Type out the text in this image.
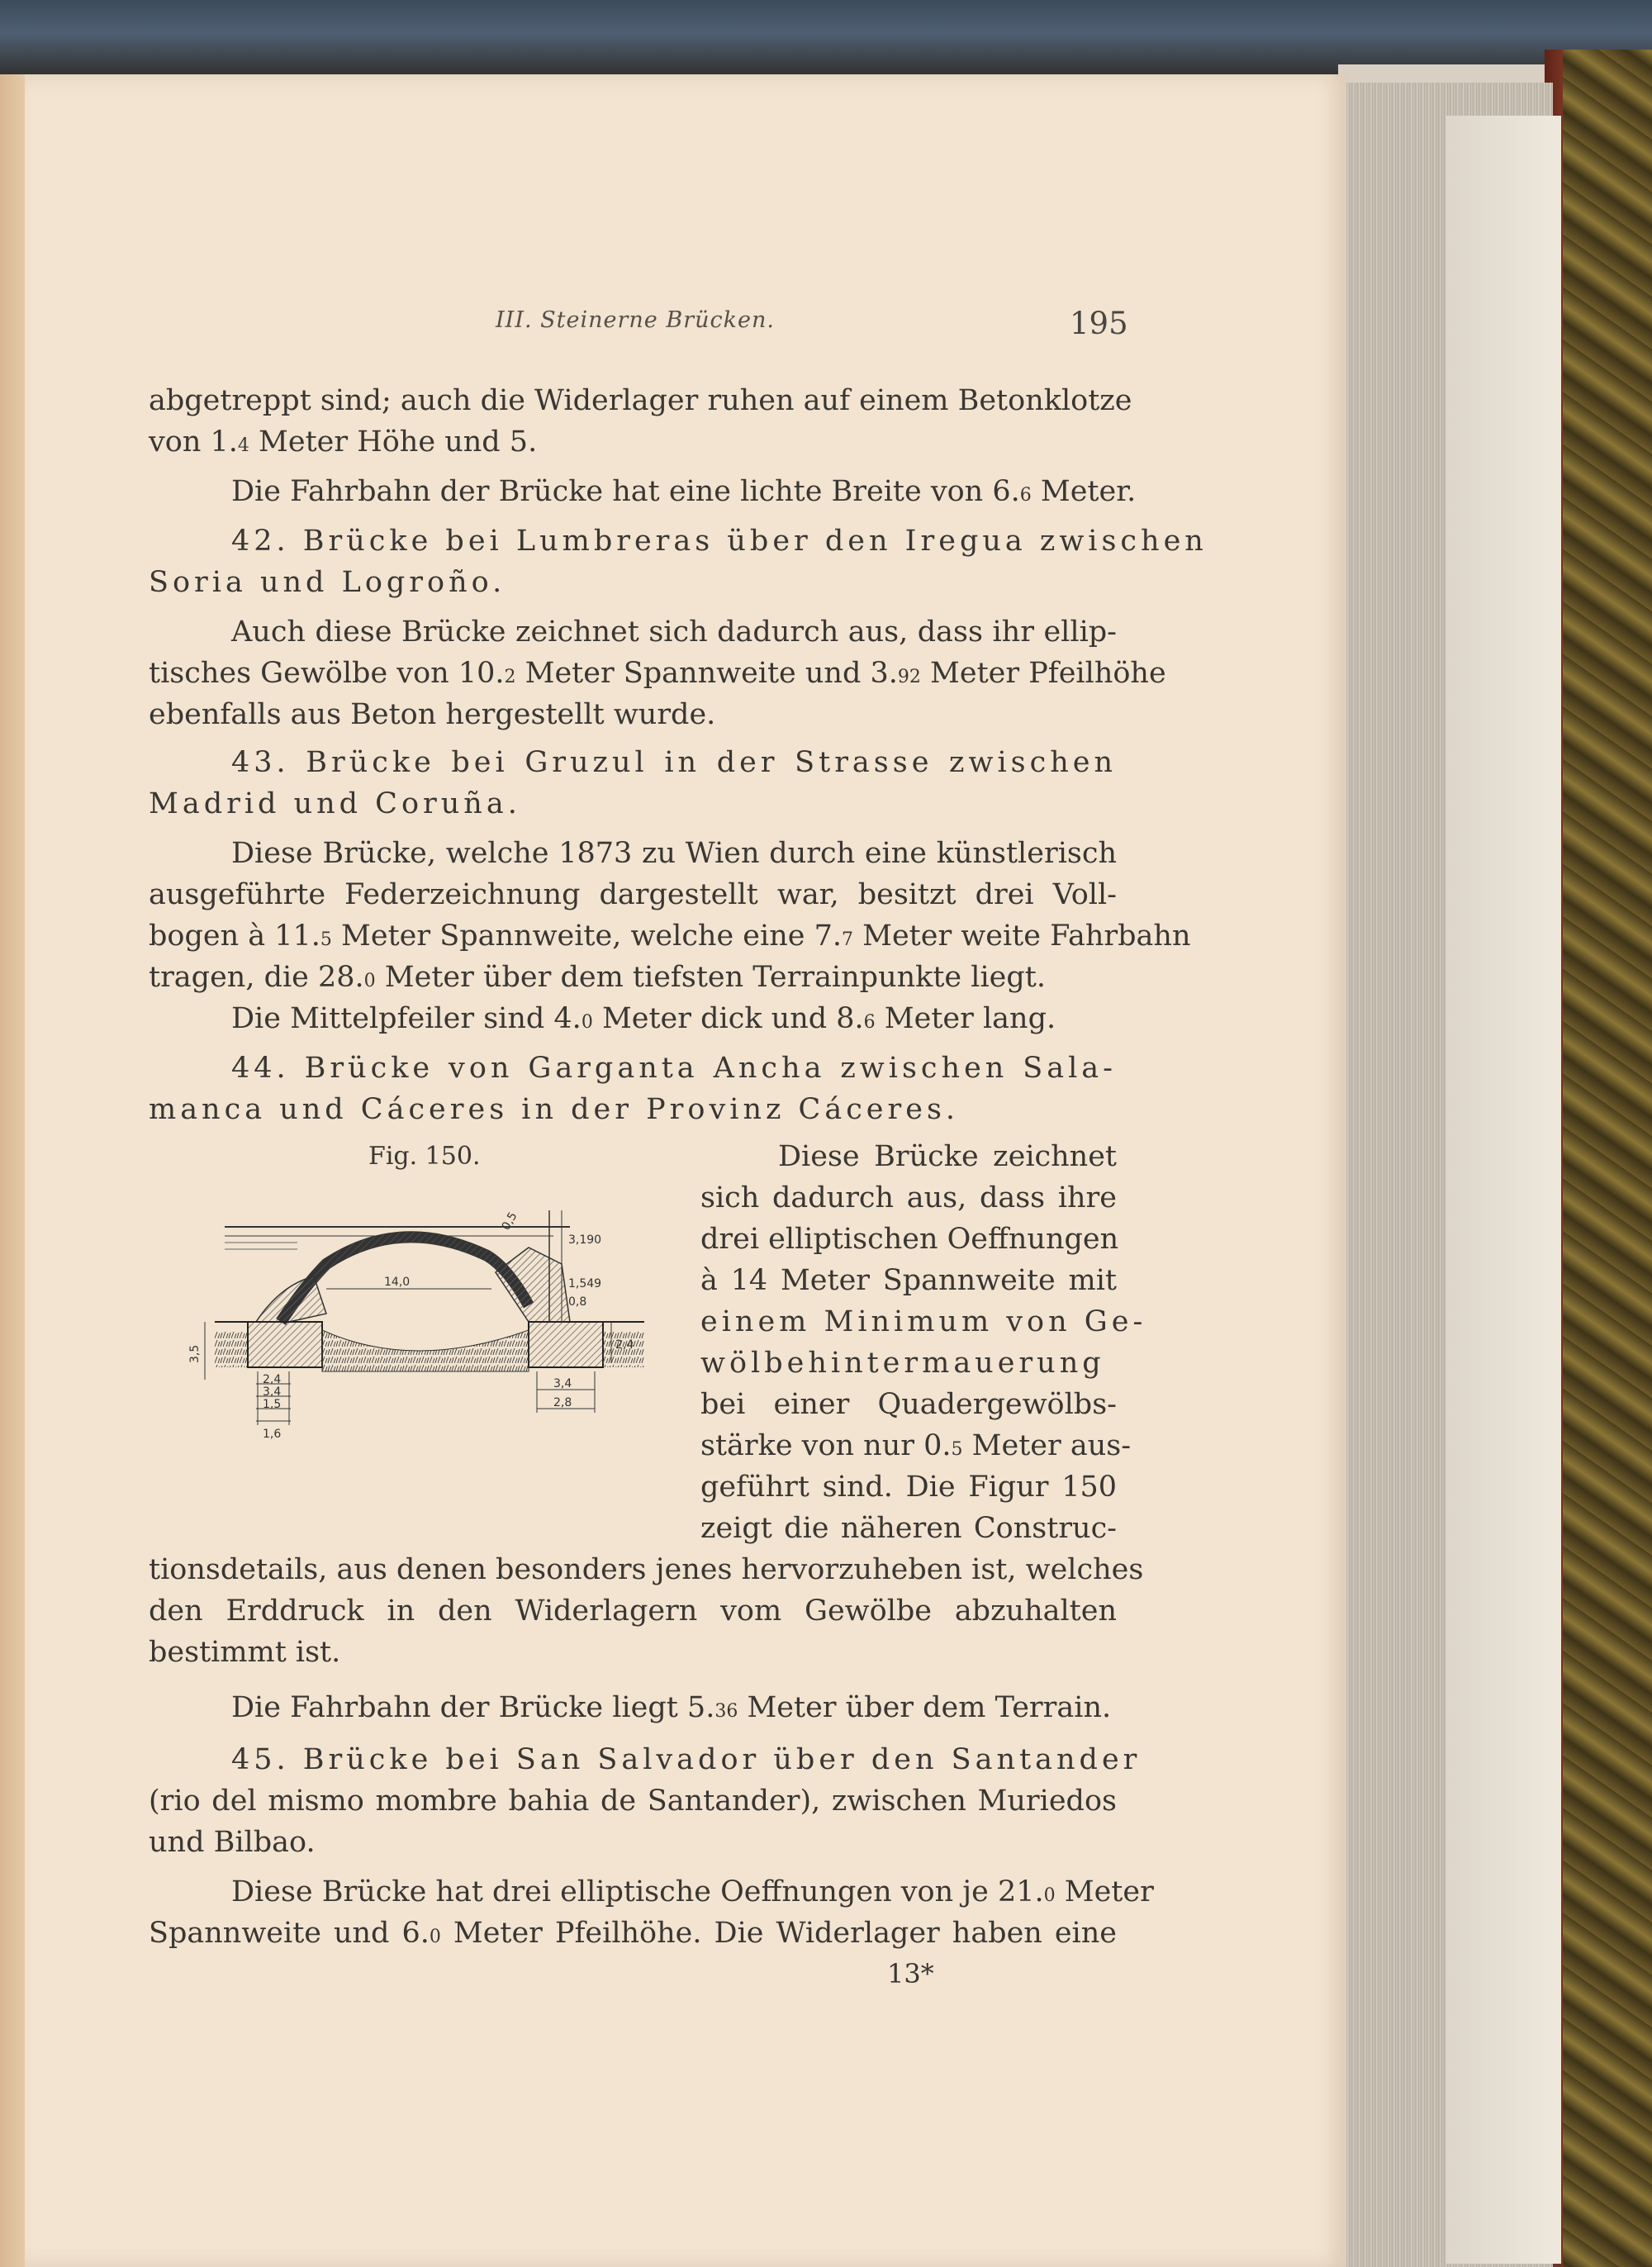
III. Steinerne Brücken.	195
abgetreppt sind; auch die Widerlager ruhen auf einem Betonklotze
von 1.4 Meter Höhe und 5.
Die Fahrbahn der Brücke hat eine lichte Breite von 6.6 Meter.
42. Brücke bei Lumbreras über den Iregua zwischen
Soria und Logroño.
Auch diese Brücke zeichnet sich dadurch aus, dass ihr ellip-
tisches Gewölbe von 10.2 Meter Spannweite und 3.92 Meter Pfeilhöhe
ebenfalls aus Beton hergestellt wurde.
43. Brücke bei Gruzul in der Strasse zwischen
Madrid und Coruña.
Diese Brücke, welche 1873 zu Wien durch eine künstlerisch
ausgeführte Federzeichnung dargestellt war, besitzt drei Voll-
bogen à 11.5 Meter Spannweite, welche eine 7.7 Meter weite Fahrbahn
tragen, die 28.0 Meter über dem tiefsten Terrainpunkte liegt.
Die Mittelpfeiler sind 4.0 Meter dick und 8.6 Meter lang.
44. Brücke von Garganta Ancha zwischen Sala-
manca und Cáceres in der Provinz Cáceres.
Diese Brücke zeichnet
sich dadurch aus, dass ihre
drei elliptischen Oeffnungen
à 14 Meter Spannweite mit
einem Minimum von Ge-
wölbehintermauerung
bei einer Quadergewölbs-
stärke von nur 0.5 Meter aus-
geführt sind. Die Figur 150
zeigt die näheren Construc-
tionsdetails, aus denen besonders jenes hervorzuheben ist, welches
den Erddruck in den Widerlagern vom Gewölbe abzuhalten
bestimmt ist.
Die Fahrbahn der Brücke liegt 5.36 Meter über dem Terrain.
45. Brücke bei San Salvador über den Santander
(rio del mismo mombre bahia de Santander), zwischen Muriedos
und Bilbao.
Diese Brücke hat drei elliptische Oeffnungen von je 21.0 Meter
Spannweite und 6.0 Meter Pfeilhöhe. Die Widerlager haben eine
Fig. 150.
0,5
3,190
14,0	1,549
0,8
2,4
3,5
2,4
3,4
1,5
1,6
3,4
2,8
13*
